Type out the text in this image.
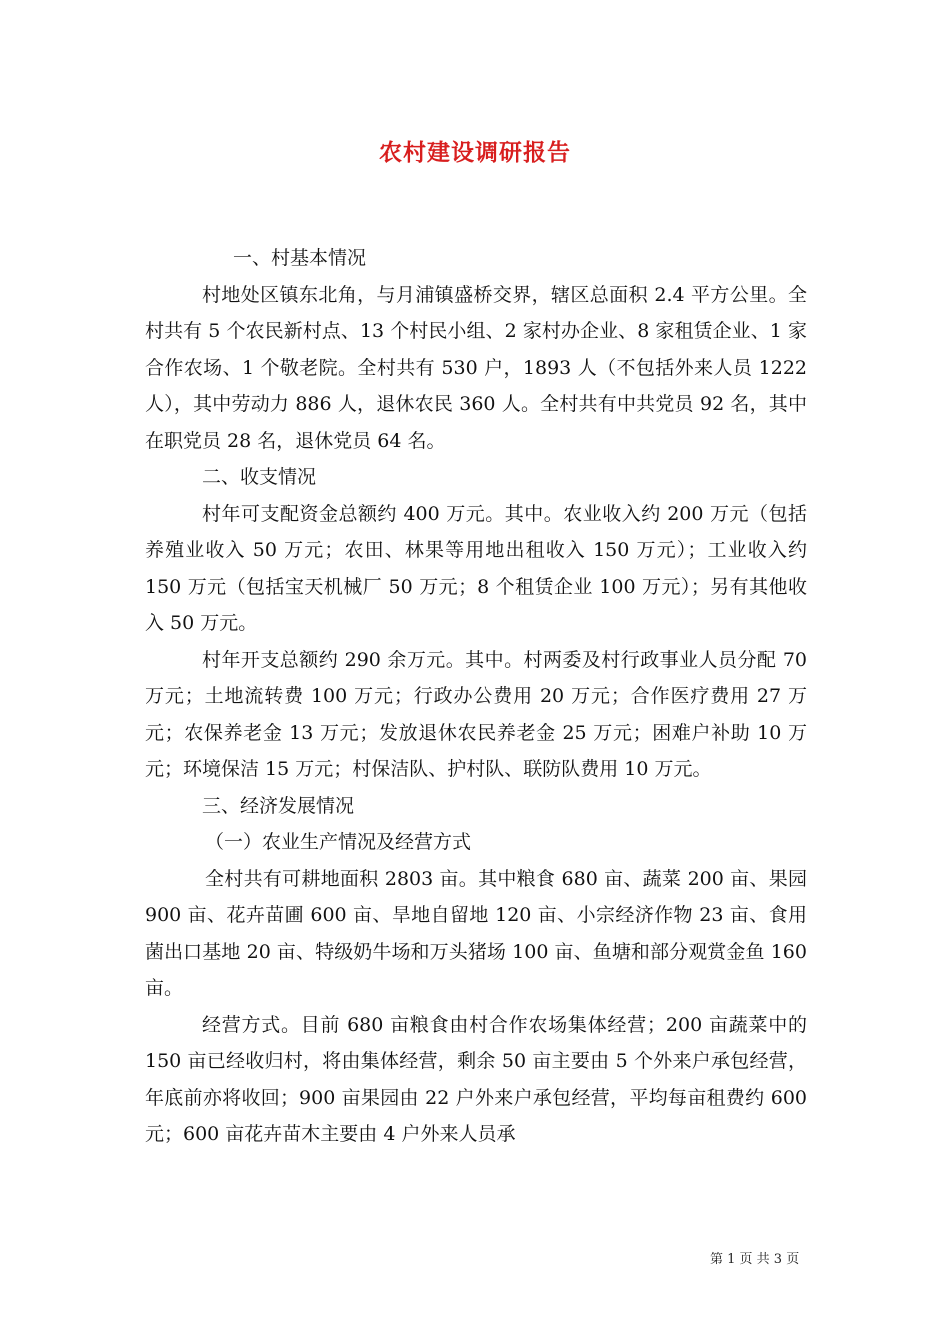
农村建设调研报告

一、村基本情况

村地处区镇东北角，与月浦镇盛桥交界，辖区总面积 2.4 平方公里。全村共有 5 个农民新村点、13 个村民小组、2 家村办企业、8 家租赁企业、1 家合作农场、1 个敬老院。全村共有 530 户，1893 人（不包括外来人员 1222 人），其中劳动力 886 人，退休农民 360 人。全村共有中共党员 92 名，其中在职党员 28 名，退休党员 64 名。

二、收支情况

村年可支配资金总额约 400 万元。其中。农业收入约 200 万元（包括养殖业收入 50 万元；农田、林果等用地出租收入 150 万元）；工业收入约 150 万元（包括宝天机械厂 50 万元；8 个租赁企业 100 万元）；另有其他收入 50 万元。

村年开支总额约 290 余万元。其中。村两委及村行政事业人员分配 70 万元；土地流转费 100 万元；行政办公费用 20 万元；合作医疗费用 27 万元；农保养老金 13 万元；发放退休农民养老金 25 万元；困难户补助 10 万元；环境保洁 15 万元；村保洁队、护村队、联防队费用 10 万元。

三、经济发展情况

（一）农业生产情况及经营方式

全村共有可耕地面积 2803 亩。其中粮食 680 亩、蔬菜 200 亩、果园 900 亩、花卉苗圃 600 亩、旱地自留地 120 亩、小宗经济作物 23 亩、食用菌出口基地 20 亩、特级奶牛场和万头猪场 100 亩、鱼塘和部分观赏金鱼 160 亩。

经营方式。目前 680 亩粮食由村合作农场集体经营；200 亩蔬菜中的 150 亩已经收归村，将由集体经营，剩余 50 亩主要由 5 个外来户承包经营，年底前亦将收回；900 亩果园由 22 户外来户承包经营，平均每亩租费约 600 元；600 亩花卉苗木主要由 4 户外来人员承

第 1 页 共 3 页
